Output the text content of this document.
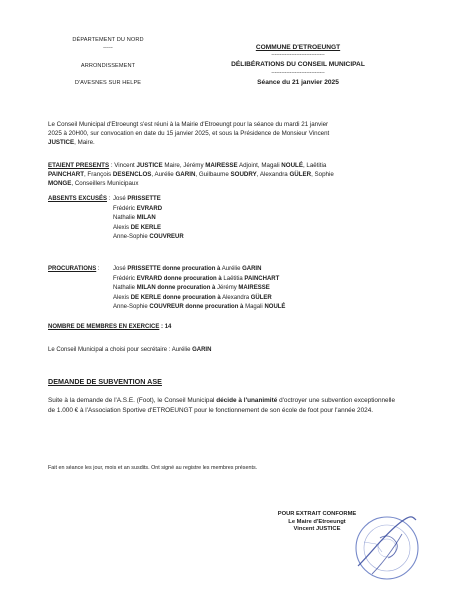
DÉPARTEMENT DU NORD
-----
ARRONDISSEMENT
D'AVESNES SUR HELPE
COMMUNE D'ETROEUNGT
--------------------------------
DÉLIBÉRATIONS DU CONSEIL MUNICIPAL
--------------------------------
Séance du 21 janvier 2025
Le Conseil Municipal d'Etroeungt s'est réuni à la Mairie d'Etroeungt pour la séance du mardi 21 janvier
2025 à 20H00, sur convocation en date du 15 janvier 2025, et sous la Présidence de Monsieur Vincent
JUSTICE, Maire.
ETAIENT PRESENTS : Vincent JUSTICE Maire, Jérémy MAIRESSE Adjoint, Magali NOULÉ, Laëtitia
PAINCHART, François DESENCLOS, Aurélie GARIN, Guilbaume SOUDRY, Alexandra GÜLER, Sophie
MONGE, Conseillers Municipaux
ABSENTS EXCUSÉS : José PRISSETTE
Frédéric EVRARD
Nathalie MILAN
Alexis DE KERLE
Anne-Sophie COUVREUR
PROCURATIONS : José PRISSETTE donne procuration à Aurélie GARIN
Frédéric EVRARD donne procuration à Laëtitia PAINCHART
Nathalie MILAN donne procuration à Jérémy MAIRESSE
Alexis DE KERLE donne procuration à Alexandra GÜLER
Anne-Sophie COUVREUR donne procuration à Magali NOULÉ
NOMBRE DE MEMBRES EN EXERCICE : 14
Le Conseil Municipal a choisi pour secrétaire : Aurélie GARIN
DEMANDE DE SUBVENTION ASE
Suite à la demande de l'A.S.E. (Foot), le Conseil Municipal décide à l'unanimité d'octroyer une subvention exceptionnelle de 1.000 € à l'Association Sportive d'ETROEUNGT pour le fonctionnement de son école de foot pour l'année 2024.
Fait en séance les jour, mois et an susdits. Ont signé au registre les membres présents.
POUR EXTRAIT CONFORME
Le Maire d'Etroeungt
Vincent JUSTICE
